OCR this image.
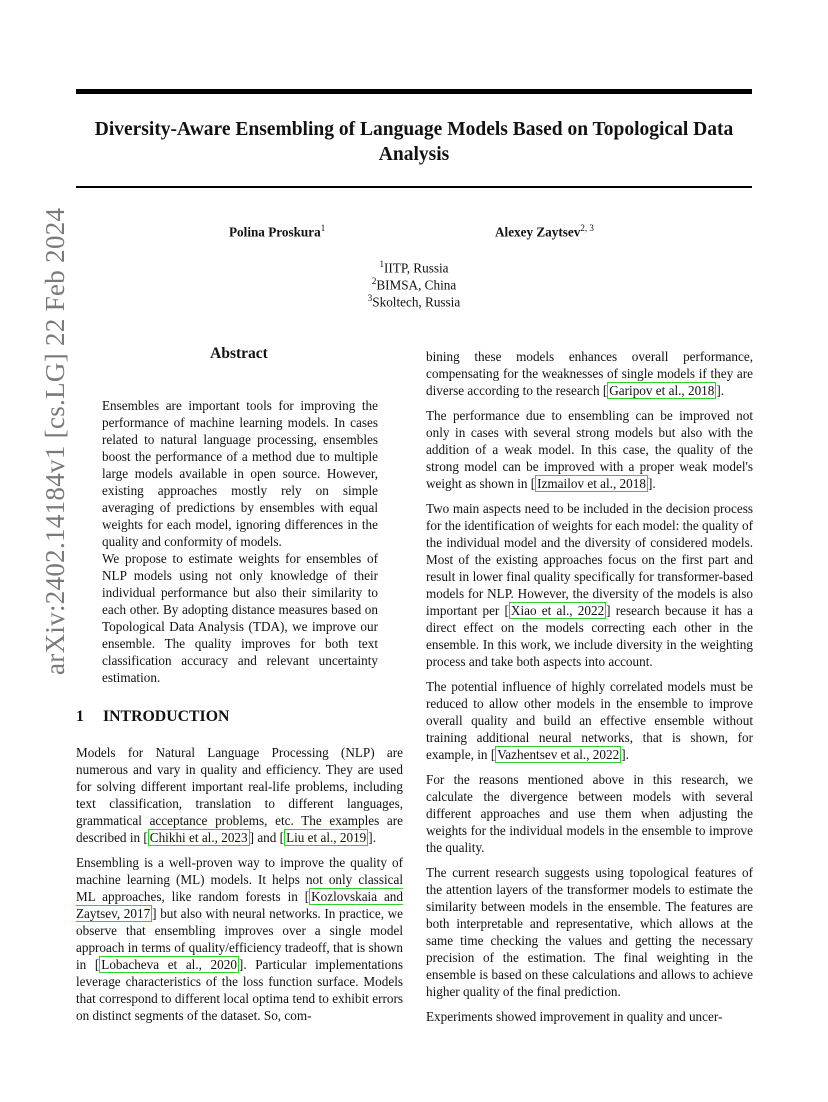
arXiv:2402.14184v1 [cs.LG] 22 Feb 2024
Diversity-Aware Ensembling of Language Models Based on Topological Data Analysis
Polina Proskura$^1$	Alexey Zaytsev$^{2, 3}$
$^1$IITP, Russia
$^2$BIMSA, China
$^3$Skoltech, Russia
Abstract

Ensembles are important tools for improving the performance of machine learning models. In cases related to natural language processing, ensembles boost the performance of a method due to multiple large models available in open source. However, existing approaches mostly rely on simple averaging of predictions by ensembles with equal weights for each model, ignoring differences in the quality and conformity of models.

We propose to estimate weights for ensembles of NLP models using not only knowledge of their individual performance but also their similarity to each other. By adopting distance measures based on Topological Data Analysis (TDA), we improve our ensemble. The quality improves for both text classification accuracy and relevant uncertainty estimation.

1 INTRODUCTION

Models for Natural Language Processing (NLP) are numerous and vary in quality and efficiency. They are used for solving different important real-life problems, including text classification, translation to different languages, grammatical acceptance problems, etc. The examples are described in [ Chikhi et al., 2023 ] and [ Liu et al., 2019 ].

Ensembling is a well-proven way to improve the quality of machine learning (ML) models. It helps not only classical ML approaches, like random forests in [ Kozlovskaia and Zaytsev, 2017 ] but also with neural networks. In practice, we observe that ensembling improves over a single model approach in terms of quality/efficiency tradeoff, that is shown in [ Lobacheva et al., 2020 ]. Particular implementations leverage characteristics of the loss function surface. Models that correspond to different local optima tend to exhibit errors on distinct segments of the dataset. So, com-

bining these models enhances overall performance, compensating for the weaknesses of single models if they are diverse according to the research [ Garipov et al., 2018 ].

The performance due to ensembling can be improved not only in cases with several strong models but also with the addition of a weak model. In this case, the quality of the strong model can be improved with a proper weak model's weight as shown in [ Izmailov et al., 2018 ].

Two main aspects need to be included in the decision process for the identification of weights for each model: the quality of the individual model and the diversity of considered models. Most of the existing approaches focus on the first part and result in lower final quality specifically for transformer-based models for NLP. However, the diversity of the models is also important per [ Xiao et al., 2022 ] research because it has a direct effect on the models correcting each other in the ensemble. In this work, we include diversity in the weighting process and take both aspects into account.

The potential influence of highly correlated models must be reduced to allow other models in the ensemble to improve overall quality and build an effective ensemble without training additional neural networks, that is shown, for example, in [ Vazhentsev et al., 2022 ].

For the reasons mentioned above in this research, we calculate the divergence between models with several different approaches and use them when adjusting the weights for the individual models in the ensemble to improve the quality.

The current research suggests using topological features of the attention layers of the transformer models to estimate the similarity between models in the ensemble. The features are both interpretable and representative, which allows at the same time checking the values and getting the necessary precision of the estimation. The final weighting in the ensemble is based on these calculations and allows to achieve higher quality of the final prediction.

Experiments showed improvement in quality and uncer-
